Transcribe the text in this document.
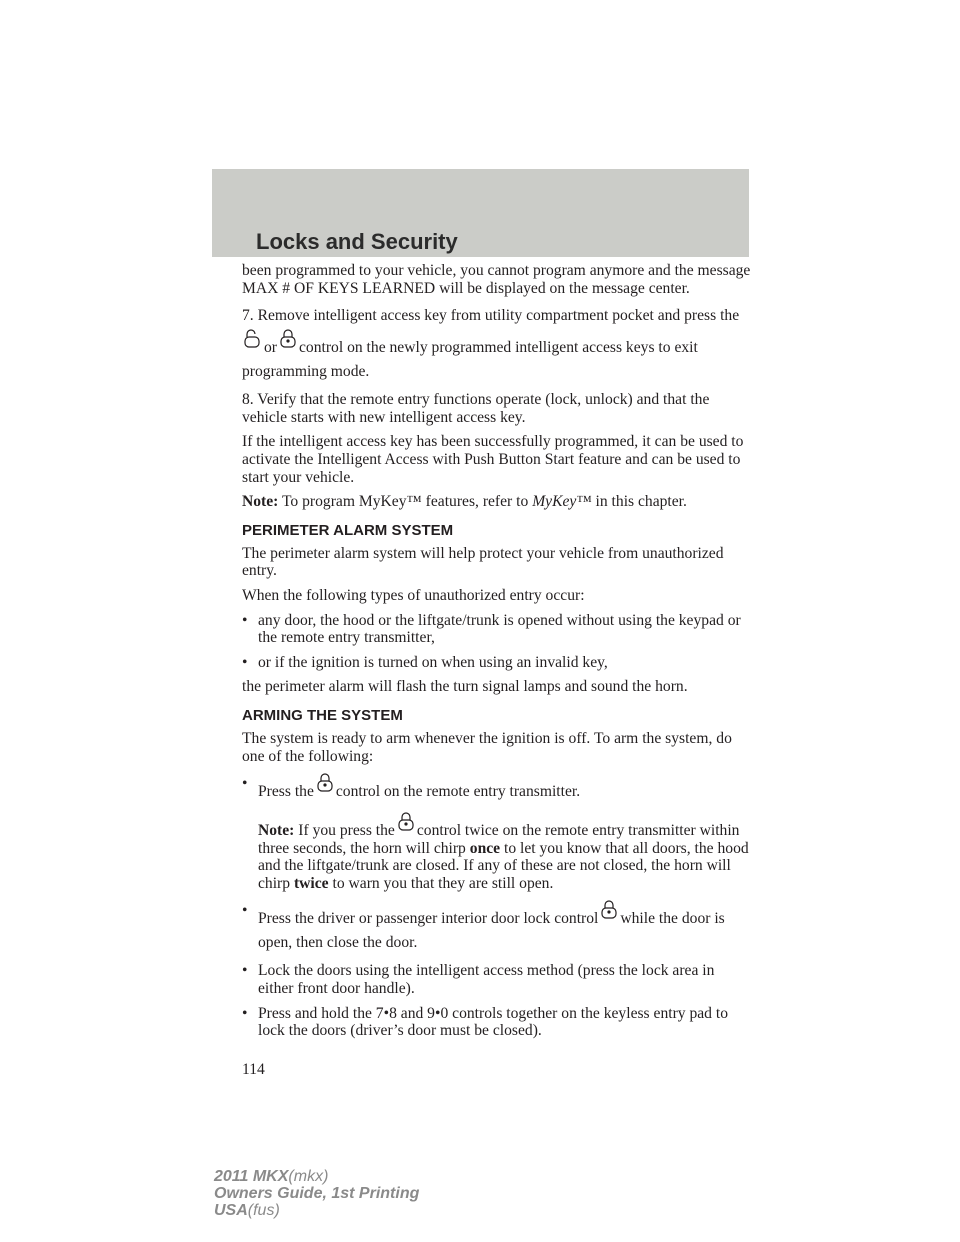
Locks and Security

been programmed to your vehicle, you cannot program anymore and the message MAX # OF KEYS LEARNED will be displayed on the message center.

7. Remove intelligent access key from utility compartment pocket and press the
or control on the newly programmed intelligent access keys to exit programming mode.

8. Verify that the remote entry functions operate (lock, unlock) and that the vehicle starts with new intelligent access key.

If the intelligent access key has been successfully programmed, it can be used to activate the Intelligent Access with Push Button Start feature and can be used to start your vehicle.

Note: To program MyKey™ features, refer to MyKey™ in this chapter.

PERIMETER ALARM SYSTEM

The perimeter alarm system will help protect your vehicle from unauthorized entry.

When the following types of unauthorized entry occur:

• any door, the hood or the liftgate/trunk is opened without using the keypad or the remote entry transmitter,
• or if the ignition is turned on when using an invalid key,

the perimeter alarm will flash the turn signal lamps and sound the horn.

ARMING THE SYSTEM

The system is ready to arm whenever the ignition is off. To arm the system, do one of the following:

• Press the control on the remote entry transmitter.
Note: If you press the control twice on the remote entry transmitter within three seconds, the horn will chirp once to let you know that all doors, the hood and the liftgate/trunk are closed. If any of these are not closed, the horn will chirp twice to warn you that they are still open.
• Press the driver or passenger interior door lock control while the door is open, then close the door.
• Lock the doors using the intelligent access method (press the lock area in either front door handle).
• Press and hold the 7•8 and 9•0 controls together on the keyless entry pad to lock the doors (driver’s door must be closed).
114
2011 MKX(mkx)
Owners Guide, 1st Printing
USA(fus)
